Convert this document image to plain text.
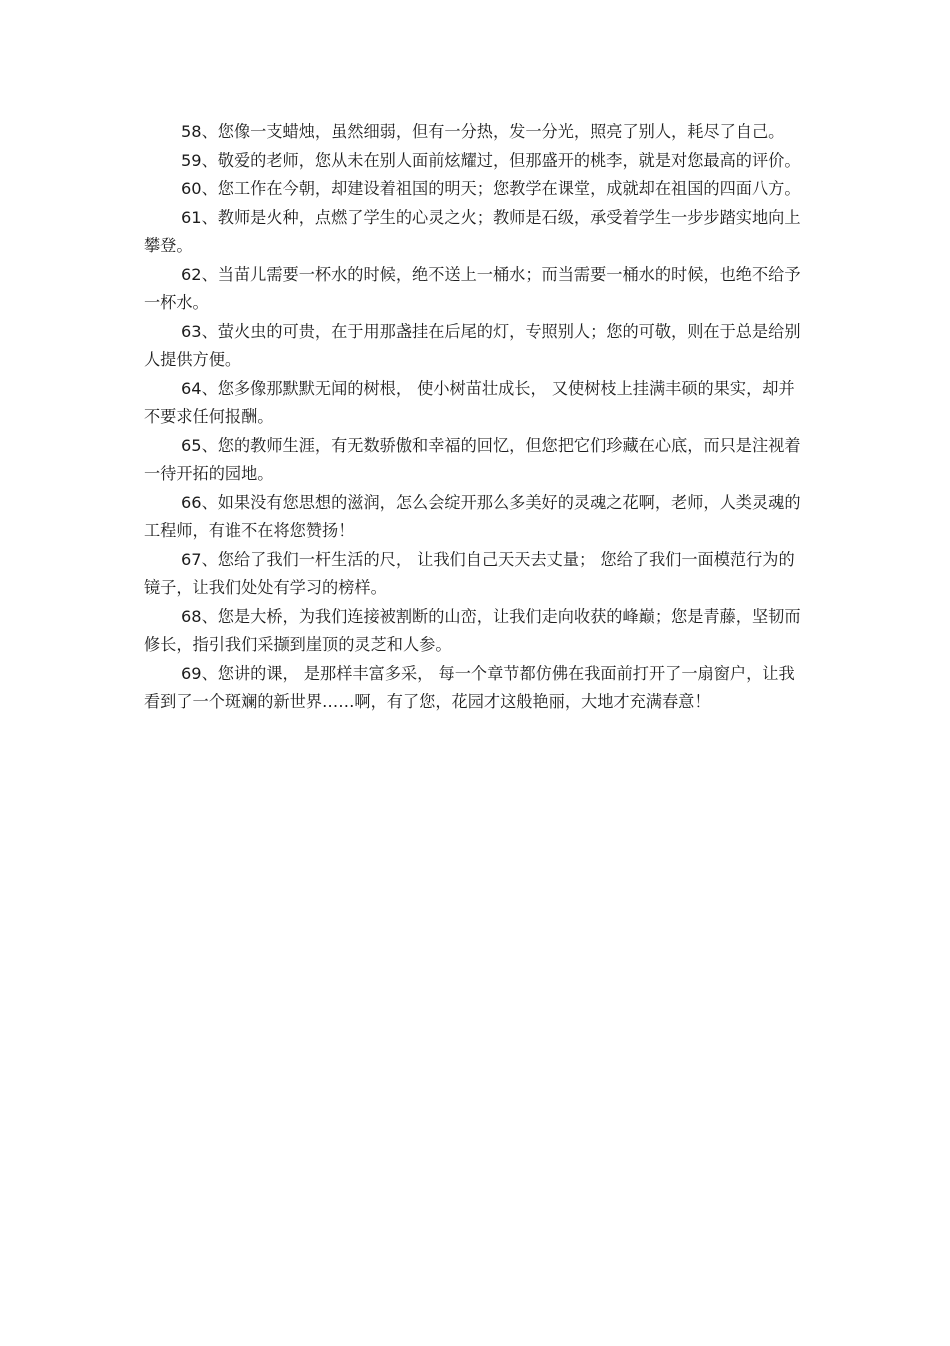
58、您像一支蜡烛，虽然细弱，但有一分热，发一分光，照亮了别人，耗尽了自己。

59、敬爱的老师，您从未在别人面前炫耀过，但那盛开的桃李，就是对您最高的评价。

60、您工作在今朝，却建设着祖国的明天；您教学在课堂，成就却在祖国的四面八方。

61、教师是火种，点燃了学生的心灵之火；教师是石级，承受着学生一步步踏实地向上攀登。

62、当苗儿需要一杯水的时候，绝不送上一桶水；而当需要一桶水的时候，也绝不给予一杯水。

63、萤火虫的可贵，在于用那盏挂在后尾的灯，专照别人；您的可敬，则在于总是给别人提供方便。

64、您多像那默默无闻的树根， 使小树苗壮成长， 又使树枝上挂满丰硕的果实，却并不要求任何报酬。

65、您的教师生涯，有无数骄傲和幸福的回忆，但您把它们珍藏在心底，而只是注视着一待开拓的园地。

66、如果没有您思想的滋润，怎么会绽开那么多美好的灵魂之花啊，老师，人类灵魂的工程师，有谁不在将您赞扬！

67、您给了我们一杆生活的尺， 让我们自己天天去丈量； 您给了我们一面模范行为的镜子，让我们处处有学习的榜样。

68、您是大桥，为我们连接被割断的山峦，让我们走向收获的峰巅；您是青藤，坚韧而修长，指引我们采撷到崖顶的灵芝和人参。

69、您讲的课， 是那样丰富多采， 每一个章节都仿佛在我面前打开了一扇窗户，让我看到了一个斑斓的新世界……啊，有了您，花园才这般艳丽，大地才充满春意！
